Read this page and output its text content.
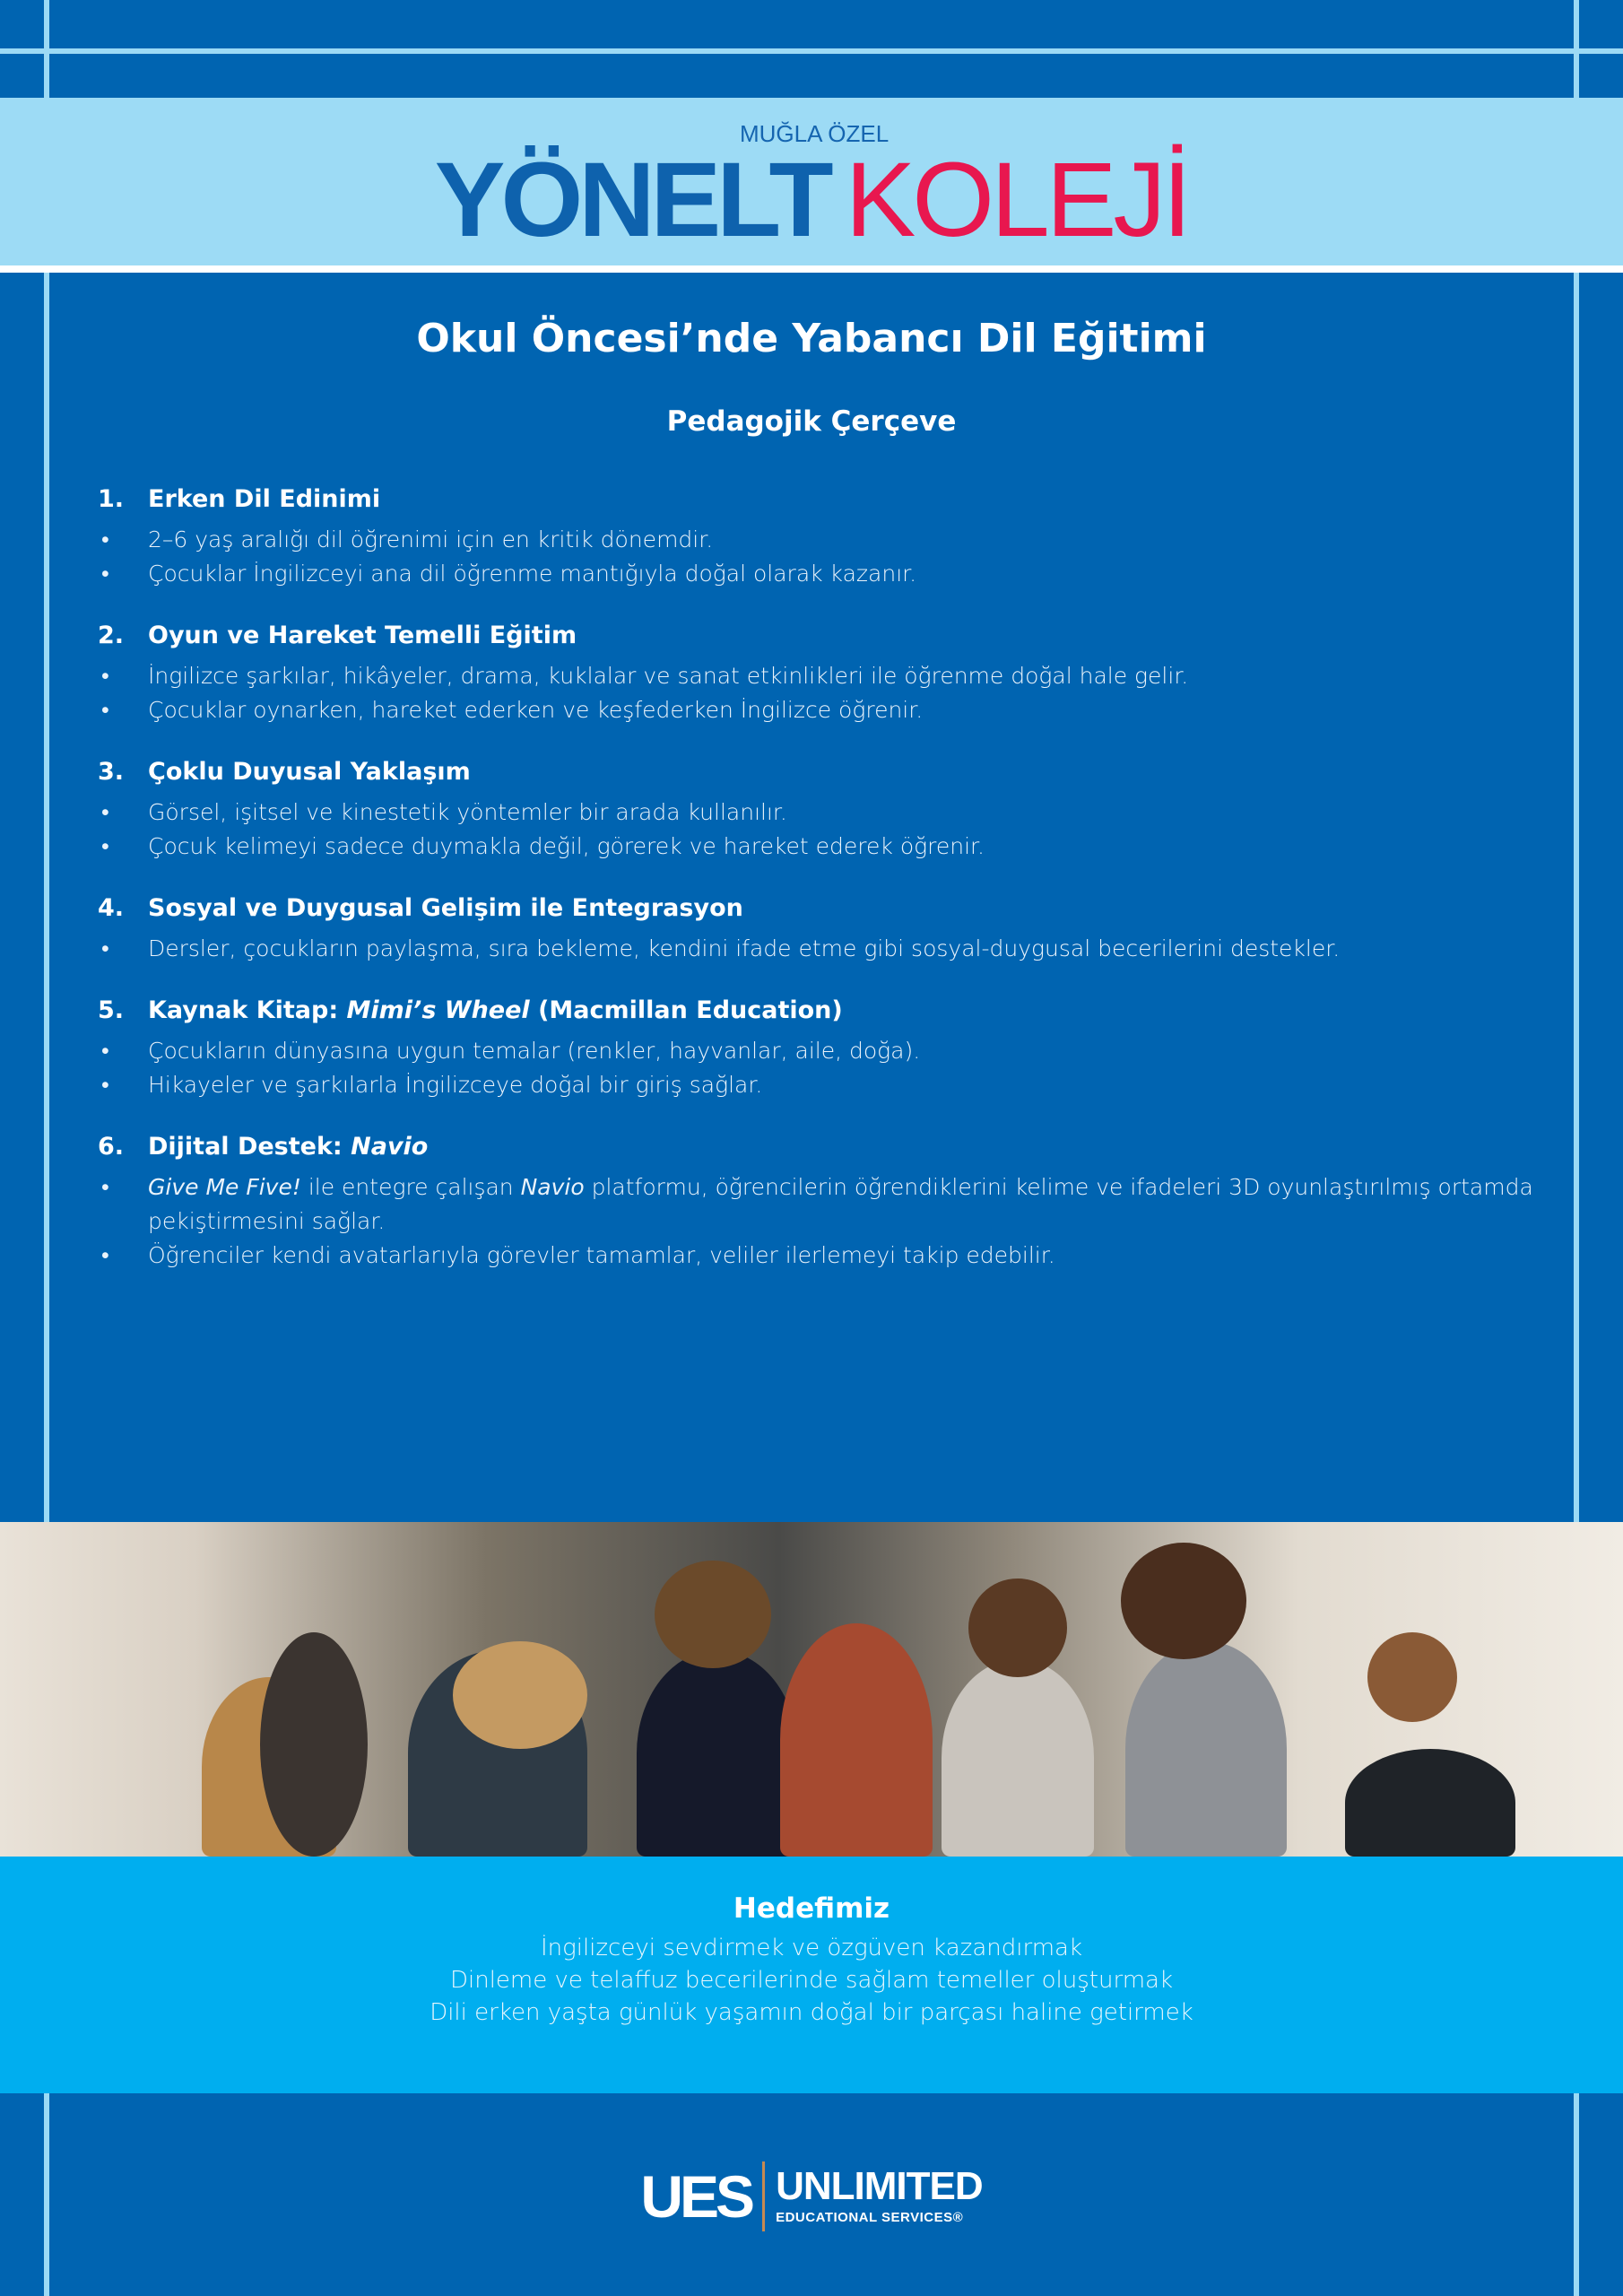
MUĞLA ÖZEL
YÖNELT KOLEJİ
Okul Öncesi’nde Yabancı Dil Eğitimi
Pedagojik Çerçeve
1. Erken Dil Edinimi
• 2–6 yaş aralığı dil öğrenimi için en kritik dönemdir.
• Çocuklar İngilizceyi ana dil öğrenme mantığıyla doğal olarak kazanır.
2. Oyun ve Hareket Temelli Eğitim
• İngilizce şarkılar, hikâyeler, drama, kuklalar ve sanat etkinlikleri ile öğrenme doğal hale gelir.
• Çocuklar oynarken, hareket ederken ve keşfederken İngilizce öğrenir.
3. Çoklu Duyusal Yaklaşım
• Görsel, işitsel ve kinestetik yöntemler bir arada kullanılır.
• Çocuk kelimeyi sadece duymakla değil, görerek ve hareket ederek öğrenir.
4. Sosyal ve Duygusal Gelişim ile Entegrasyon
• Dersler, çocukların paylaşma, sıra bekleme, kendini ifade etme gibi sosyal-duygusal becerilerini destekler.
5. Kaynak Kitap: Mimi’s Wheel (Macmillan Education)
• Çocukların dünyasına uygun temalar (renkler, hayvanlar, aile, doğa).
• Hikayeler ve şarkılarla İngilizceye doğal bir giriş sağlar.
6. Dijital Destek: Navio
• Give Me Five! ile entegre çalışan Navio platformu, öğrencilerin öğrendiklerini kelime ve ifadeleri 3D oyunlaştırılmış ortamda pekiştirmesini sağlar.
• Öğrenciler kendi avatarlarıyla görevler tamamlar, veliler ilerlemeyi takip edebilir.
Hedefimiz

İngilizceyi sevdirmek ve özgüven kazandırmak

Dinleme ve telaffuz becerilerinde sağlam temeller oluşturmak

Dili erken yaşta günlük yaşamın doğal bir parçası haline getirmek

UES UNLIMITED
EDUCATIONAL SERVICES®
